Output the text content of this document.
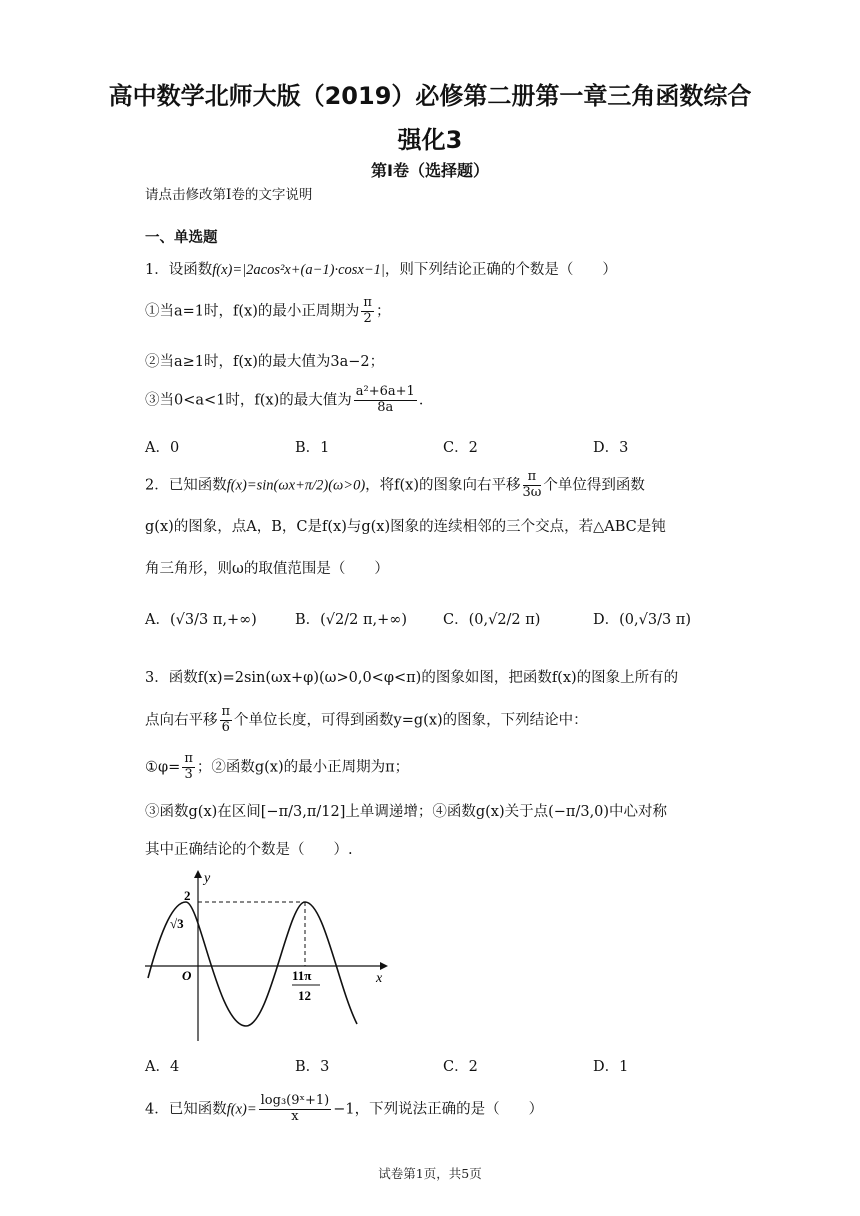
高中数学北师大版（2019）必修第二册第一章三角函数综合
强化3
第I卷（选择题）
请点击修改第I卷的文字说明
一、单选题
1．设函数f(x)=|2acos²x+(a−1)·cosx−1|，则下列结论正确的个数是（　　）
①当a=1时，f(x)的最小正周期为 $\frac{\pi}{2}$ ；
②当a≥1时，f(x)的最大值为3a−2；
③当0<a<1时，f(x)的最大值为 $\frac{\text{a²+6a+1}}{8a}$ ．
A．0	B．1	C．2	D．3
2．已知函数f(x)=sin(ωx+π/2)(ω>0)，将f(x)的图象向右平移 $\frac{\pi}{3\omega}$ 个单位得到函数
g(x)的图象，点A，B，C是f(x)与g(x)图象的连续相邻的三个交点，若△ABC是钝
角三角形，则ω的取值范围是（　　）
A．(√3/3 π,+∞)	B．(√2/2 π,+∞) C．(0,√2/2 π)	D．(0,√3/3 π)
3．函数f(x)=2sin(ωx+φ)(ω>0,0<φ<π)的图象如图，把函数f(x)的图象上所有的
点向右平移 $\frac{\pi}{6}$ 个单位长度，可得到函数y=g(x)的图象，下列结论中：
①φ= $\frac{\pi}{3}$ ；②函数g(x)的最小正周期为π；
③函数g(x)在区间[−π/3,π/12]上单调递增；④函数g(x)关于点(−π/3,0)中心对称
其中正确结论的个数是（　　）.
y
x
O
2
√3
11π
12
A．4	B．3	C．2	D．1
4．已知函数$f(x)= \frac{\text{log₃(9ˣ+1)}}{x} -1$，下列说法正确的是（　　）
试卷第1页，共5页
